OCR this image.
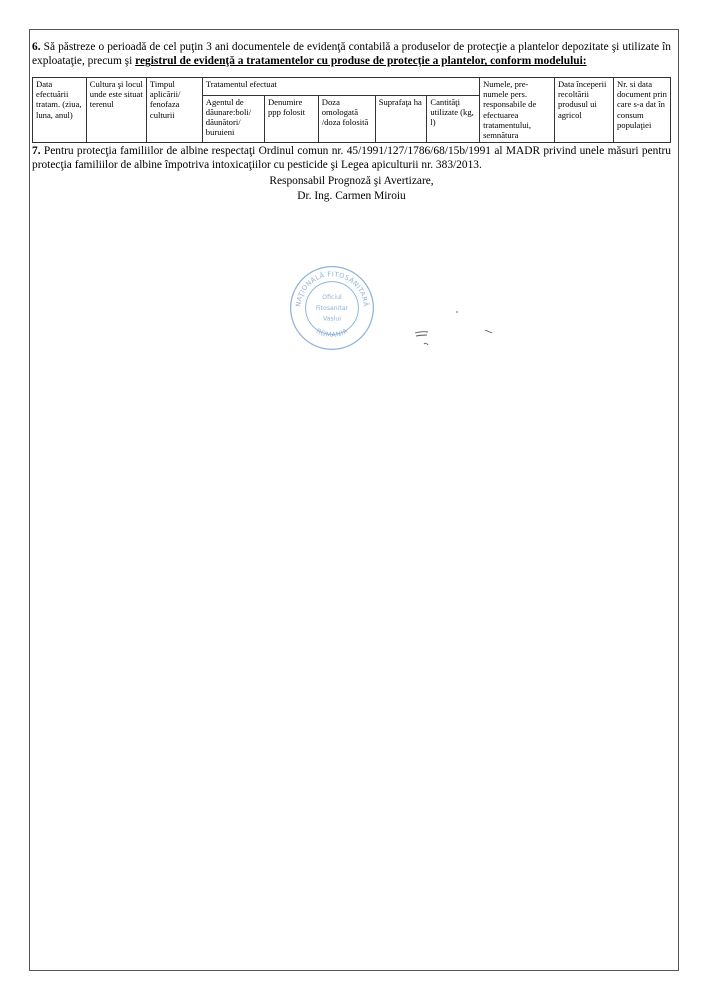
6. Să păstreze o perioadă de cel puţin 3 ani documentele de evidenţă contabilă a produselor de protecţie a plantelor depozitate şi utilizate în exploataţie, precum şi registrul de evidenţă a tratamentelor cu produse de protecţie a plantelor, conform modelului:

Data efectuării tratam. (ziua, luna, anul)	Cultura şi locul unde este situat terenul	Timpul aplicării/ fenofaza culturii	Tratamentul efectuat					Numele, pre-numele pers. responsabile de efectuarea tratamentului, semnătura	Data începerii recoltării produsul ui agricol	Nr. si data document prin care s-a dat în consum populaţiei
			Agentul de dăunare:boli/ dăunători/ buruieni	Denumire ppp folosit	Doza omologată /doza folosită	Suprafaţa ha	Cantităţi utilizate (kg, l)			

7. Pentru protecţia familiilor de albine respectaţi Ordinul comun nr. 45/1991/127/1786/68/15b/1991 al MADR privind unele măsuri pentru protecţia familiilor de albine împotriva intoxicaţiilor cu pesticide şi Legea apiculturii nr. 383/2013.

Responsabil Prognoză şi Avertizare,
Dr. Ing. Carmen Miroiu
NAŢIONALĂ FITOSANITARĂ
ROMANIA
Oficiul
Fitosanitar
Vaslui
